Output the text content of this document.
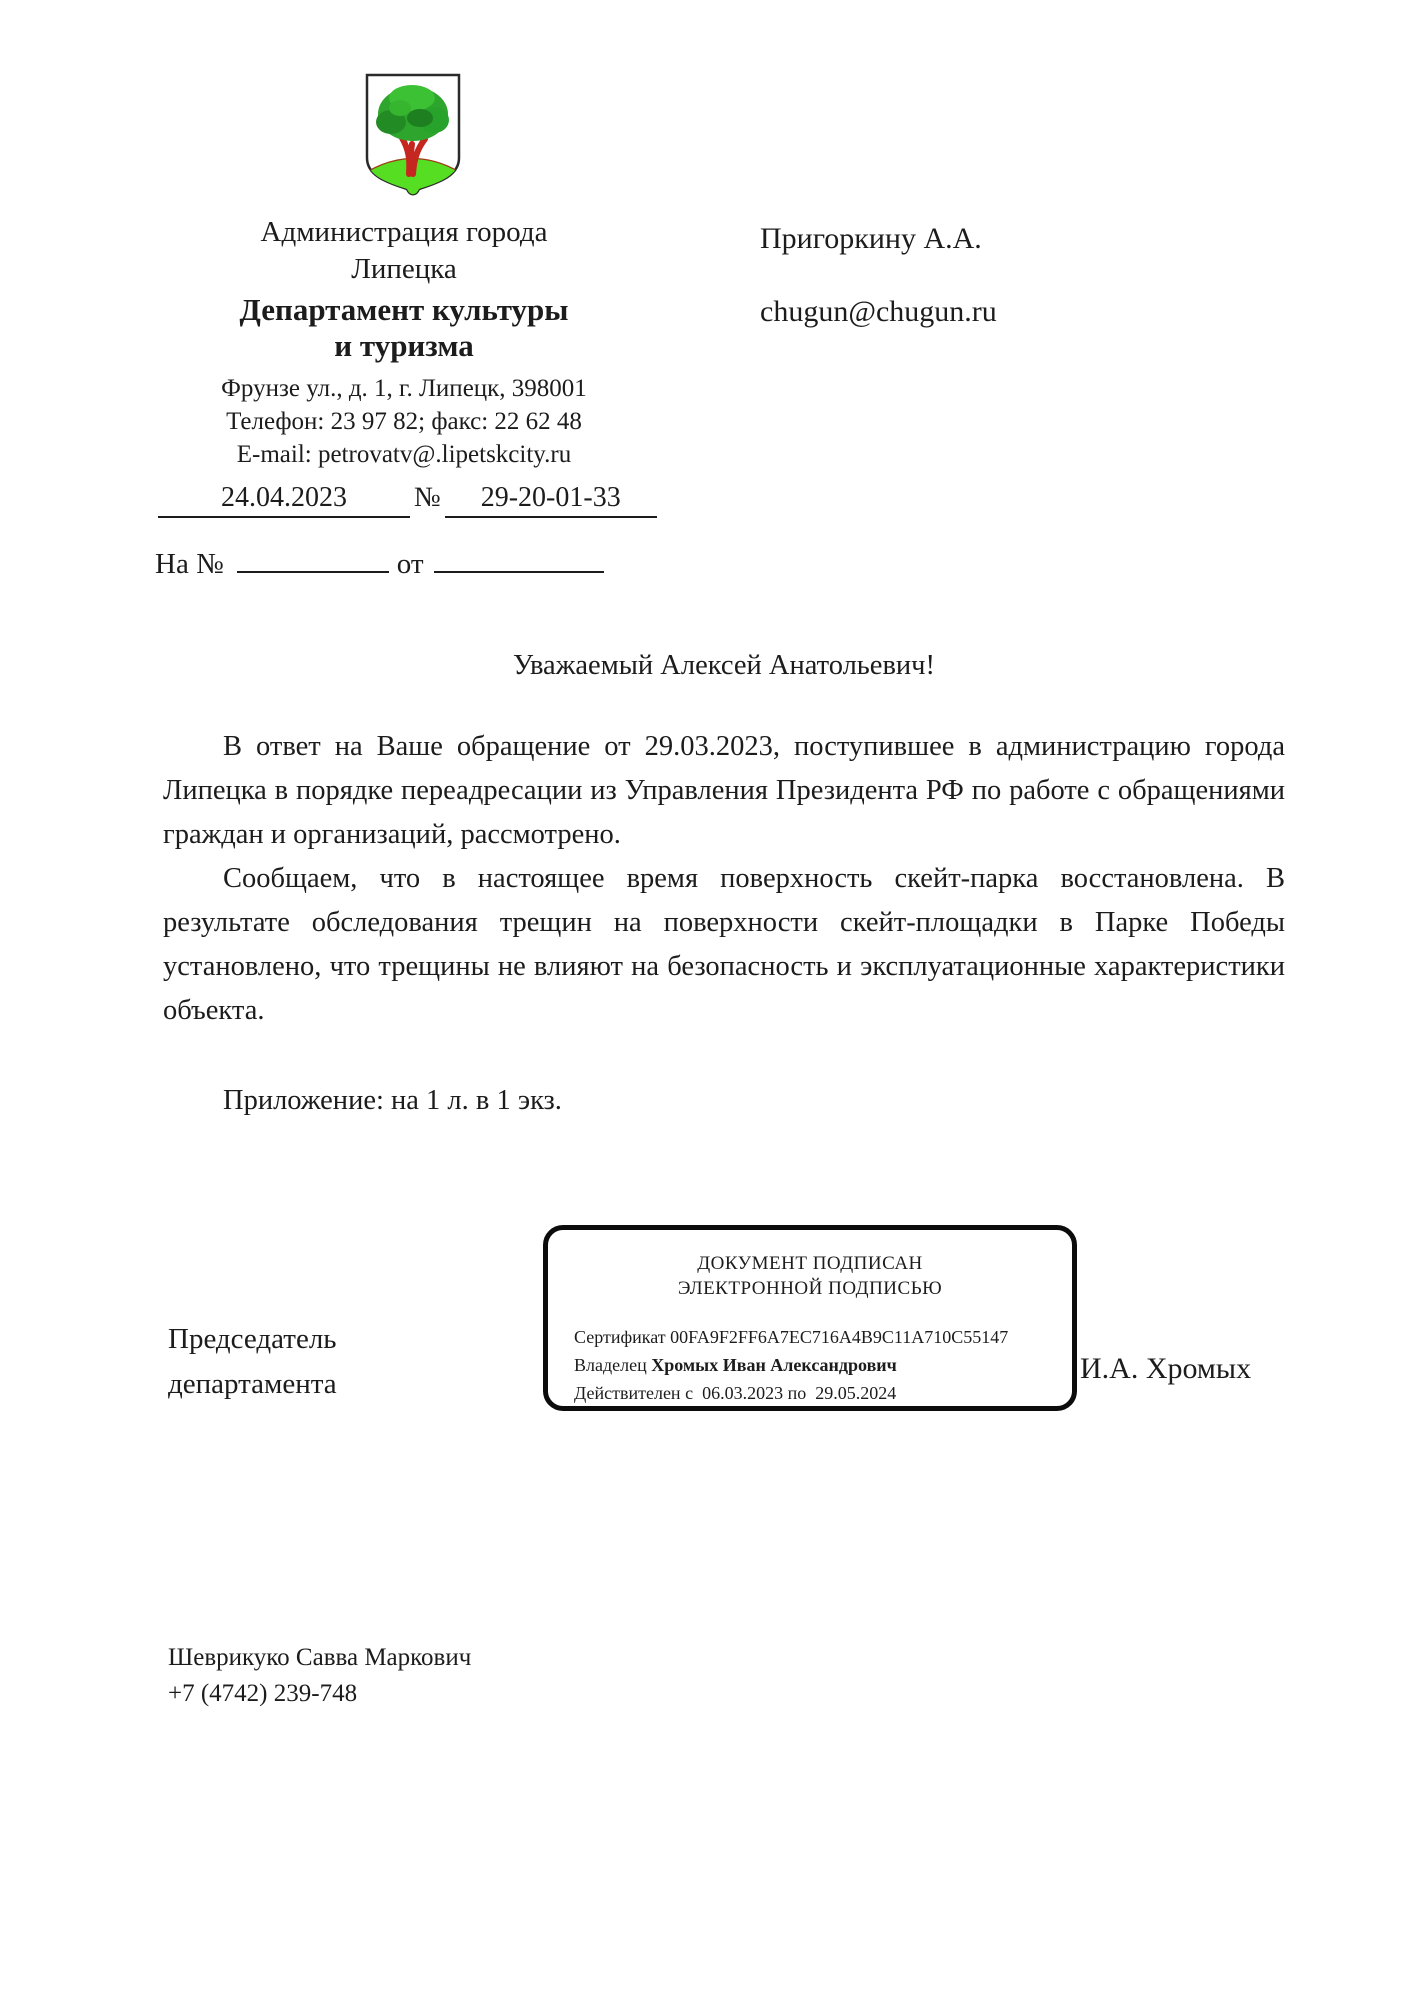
Администрация города
Липецка
Департамент культуры
и туризма
Фрунзе ул., д. 1, г. Липецк, 398001
Телефон: 23 97 82; факс: 22 62 48
E-mail: petrovatv@.lipetskcity.ru
24.04.2023 № 29-20-01-33
На №	от
Пригоркину А.А.
chugun@chugun.ru
Уважаемый Алексей Анатольевич!

В ответ на Ваше обращение от 29.03.2023, поступившее в администрацию города Липецка в порядке переадресации из Управления Президента РФ по работе с обращениями граждан и организаций, рассмотрено.

Сообщаем, что в настоящее время поверхность скейт-парка восстановлена. В результате обследования трещин на поверхности скейт-площадки в Парке Победы установлено, что трещины не влияют на безопасность и эксплуатационные характеристики объекта.

Приложение: на 1 л. в 1 экз.
Председатель
департамента
ДОКУМЕНТ ПОДПИСАН
ЭЛЕКТРОННОЙ ПОДПИСЬЮ
Сертификат 00FA9F2FF6A7EC716A4B9C11A710C55147
Владелец Хромых Иван Александрович
Действителен с 06.03.2023 по 29.05.2024
И.А. Хромых
Шеврикуко Савва Маркович
+7 (4742) 239-748
